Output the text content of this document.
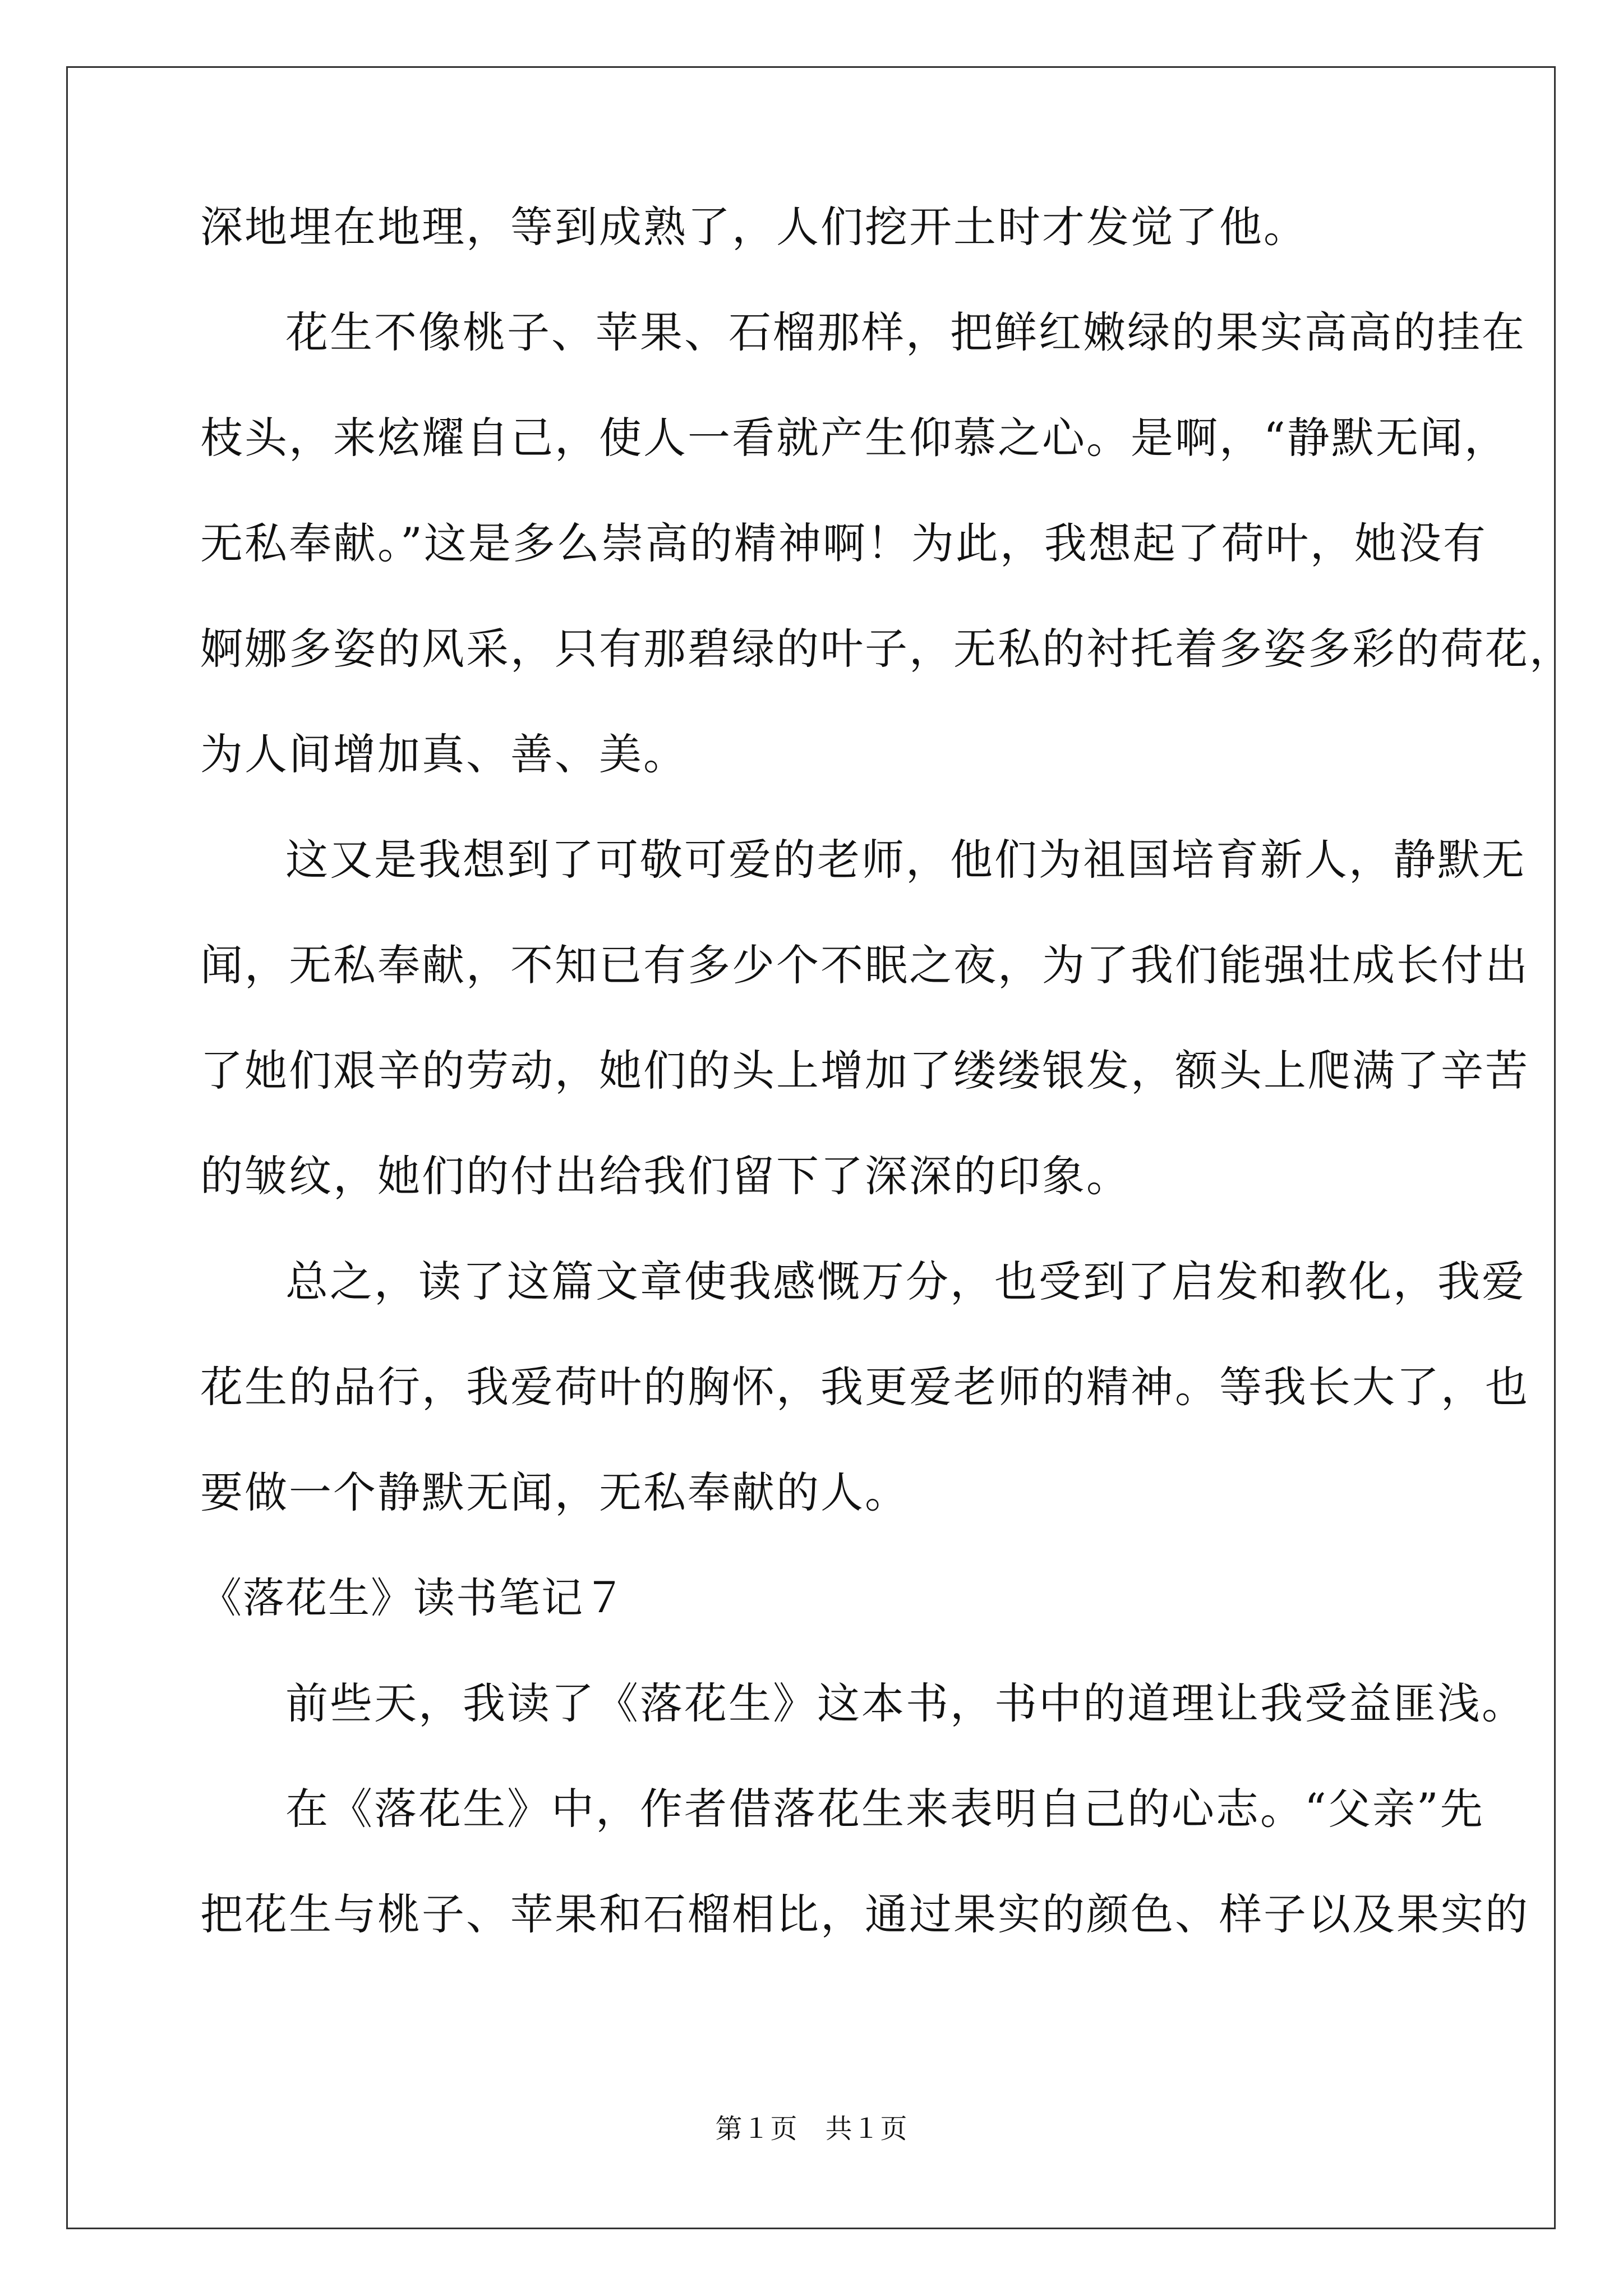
深地埋在地理，等到成熟了，人们挖开土时才发觉了他。
花生不像桃子、苹果、石榴那样，把鲜红嫩绿的果实高高的挂在
枝头，来炫耀自己，使人一看就产生仰慕之心。是啊，“静默无闻，
无私奉献。”这是多么崇高的精神啊！为此，我想起了荷叶，她没有
婀娜多姿的风采，只有那碧绿的叶子，无私的衬托着多姿多彩的荷花，
为人间增加真、善、美。
这又是我想到了可敬可爱的老师，他们为祖国培育新人，静默无
闻，无私奉献，不知已有多少个不眠之夜，为了我们能强壮成长付出
了她们艰辛的劳动，她们的头上增加了缕缕银发，额头上爬满了辛苦
的皱纹，她们的付出给我们留下了深深的印象。
总之，读了这篇文章使我感慨万分，也受到了启发和教化，我爱
花生的品行，我爱荷叶的胸怀，我更爱老师的精神。等我长大了，也
要做一个静默无闻，无私奉献的人。
《落花生》读书笔记７
前些天，我读了《落花生》这本书，书中的道理让我受益匪浅。
在《落花生》中，作者借落花生来表明自己的心志。“父亲”先
把花生与桃子、苹果和石榴相比，通过果实的颜色、样子以及果实的
第１页　共１页
